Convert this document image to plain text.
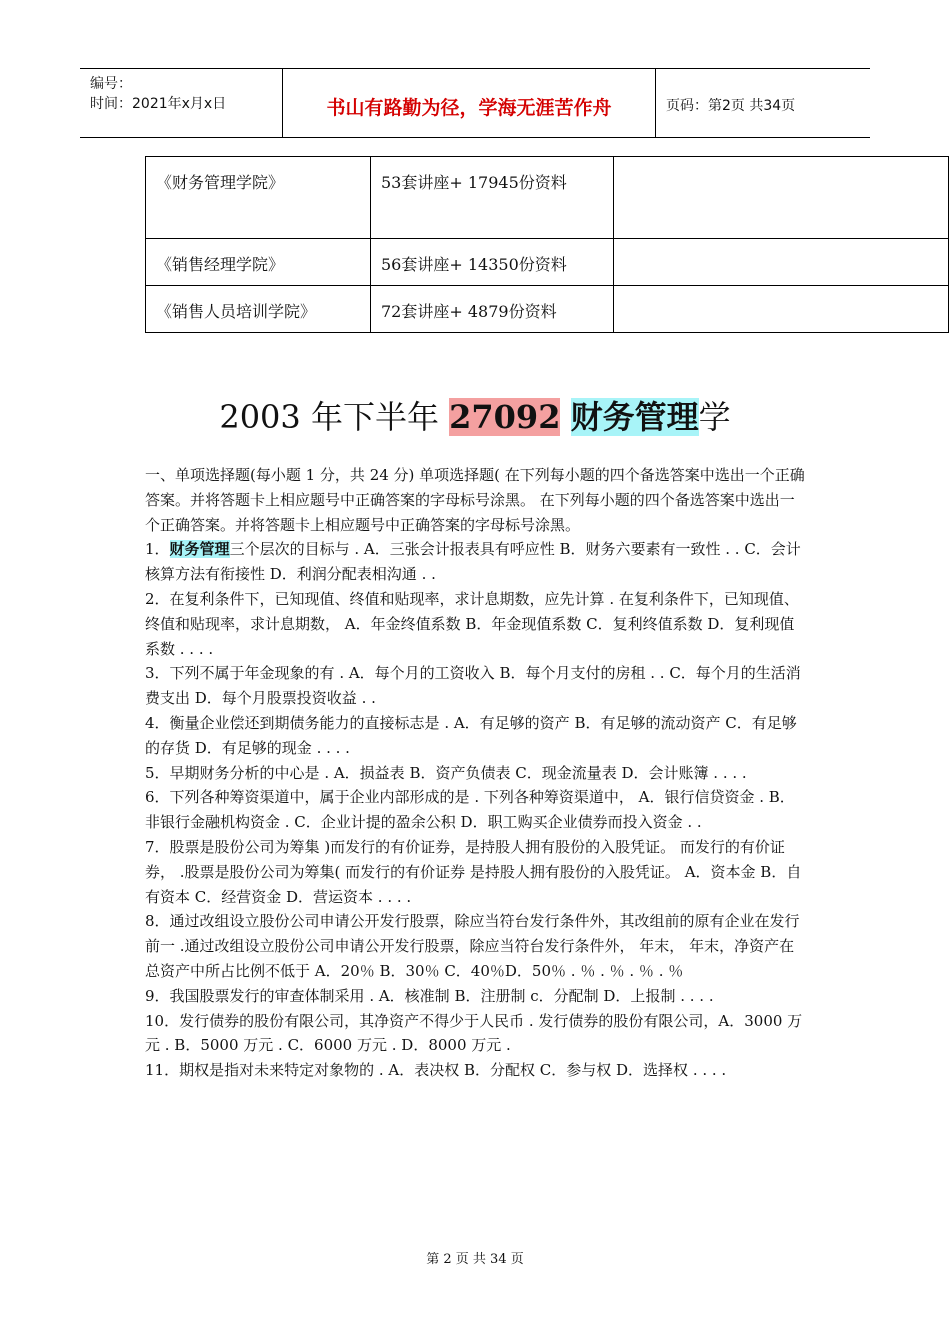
编号：
时间：2021年x月x日	书山有路勤为径，学海无涯苦作舟	页码：第2页 共34页
《财务管理学院》	53套讲座+ 17945份资料	
《销售经理学院》	56套讲座+ 14350份资料	
《销售人员培训学院》	72套讲座+ 4879份资料	
2003 年下半年 27092 财务管理学

一、单项选择题(每小题 1 分，共 24 分) 单项选择题( 在下列每小题的四个备选答案中选出一个正确答案。并将答题卡上相应题号中正确答案的字母标号涂黑。 在下列每小题的四个备选答案中选出一个正确答案。并将答题卡上相应题号中正确答案的字母标号涂黑。

1．财务管理三个层次的目标与 . A．三张会计报表具有呼应性 B．财务六要素有一致性 . . C．会计核算方法有衔接性 D．利润分配表相沟通 . .

2．在复利条件下，已知现值、终值和贴现率，求计息期数，应先计算 . 在复利条件下，已知现值、终值和贴现率，求计息期数， A．年金终值系数 B．年金现值系数 C．复利终值系数 D．复利现值系数 . . . .

3．下列不属于年金现象的有 . A．每个月的工资收入 B．每个月支付的房租 . . C．每个月的生活消费支出 D．每个月股票投资收益 . .

4．衡量企业偿还到期债务能力的直接标志是 . A．有足够的资产 B．有足够的流动资产 C．有足够的存货 D．有足够的现金 . . . .

5．早期财务分析的中心是 . A．损益表 B．资产负债表 C．现金流量表 D．会计账簿 . . . .

6．下列各种筹资渠道中，属于企业内部形成的是 . 下列各种筹资渠道中， A．银行信贷资金 . B．非银行金融机构资金 . C．企业计提的盈余公积 D．职工购买企业债券而投入资金 . .

7．股票是股份公司为筹集 )而发行的有价证券，是持股人拥有股份的入股凭证。 而发行的有价证券， .股票是股份公司为筹集( 而发行的有价证券 是持股人拥有股份的入股凭证。 A．资本金 B．自有资本 C．经营资金 D．营运资本 . . . .

8．通过改组设立股份公司申请公开发行股票，除应当符台发行条件外，其改组前的原有企业在发行前一 .通过改组设立股份公司申请公开发行股票，除应当符台发行条件外， 年末， 年末，净资产在总资产中所占比例不低于 A．20％ B．30％ C．40％D．50％ . ％ . ％ . ％ . ％

9．我国股票发行的审查体制采用 . A．核准制 B．注册制 c．分配制 D．上报制 . . . .

10．发行债券的股份有限公司，其净资产不得少于人民币 . 发行债券的股份有限公司，A．3000 万元 . B．5000 万元 . C．6000 万元 . D．8000 万元 .

11．期权是指对未来特定对象物的 . A．表决权 B．分配权 C．参与权 D．选择权 . . . .

第 2 页 共 34 页
